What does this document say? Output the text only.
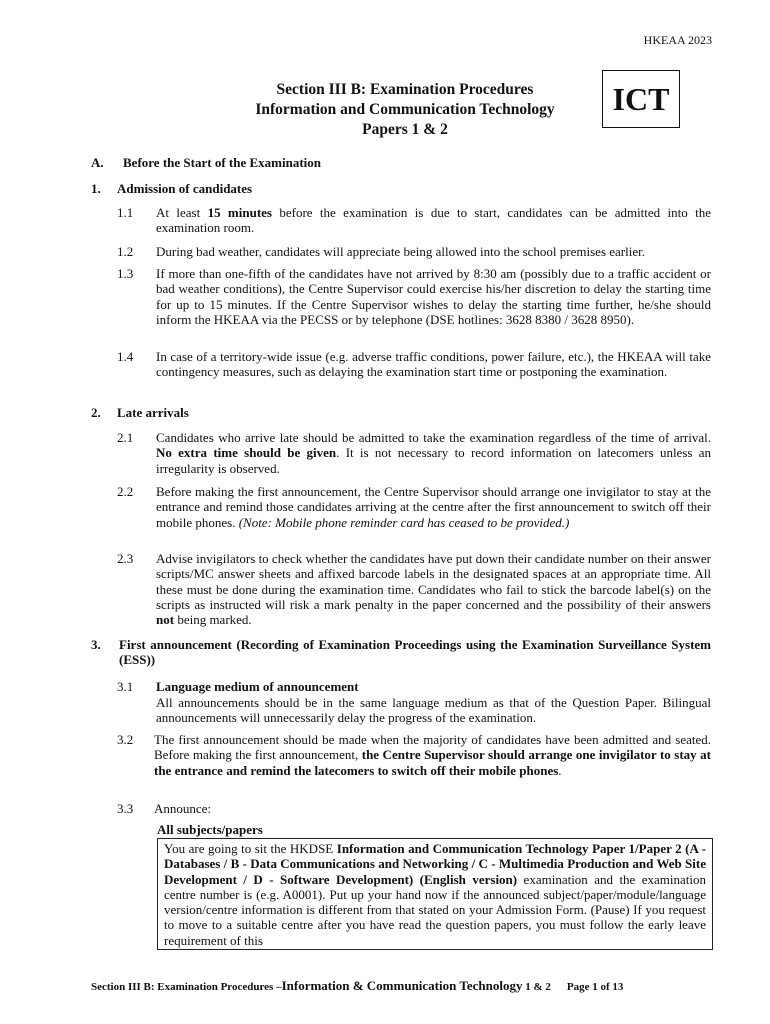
HKEAA 2023
Section III B: Examination Procedures
Information and Communication Technology
Papers 1 & 2
ICT
A. Before the Start of the Examination
1. Admission of candidates
1.1 At least 15 minutes before the examination is due to start, candidates can be admitted into the examination room.
1.2 During bad weather, candidates will appreciate being allowed into the school premises earlier.
1.3 If more than one-fifth of the candidates have not arrived by 8:30 am (possibly due to a traffic accident or bad weather conditions), the Centre Supervisor could exercise his/her discretion to delay the starting time for up to 15 minutes. If the Centre Supervisor wishes to delay the starting time further, he/she should inform the HKEAA via the PECSS or by telephone (DSE hotlines: 3628 8380 / 3628 8950).
1.4 In case of a territory-wide issue (e.g. adverse traffic conditions, power failure, etc.), the HKEAA will take contingency measures, such as delaying the examination start time or postponing the examination.
2. Late arrivals
2.1 Candidates who arrive late should be admitted to take the examination regardless of the time of arrival. No extra time should be given. It is not necessary to record information on latecomers unless an irregularity is observed.
2.2 Before making the first announcement, the Centre Supervisor should arrange one invigilator to stay at the entrance and remind those candidates arriving at the centre after the first announcement to switch off their mobile phones. (Note: Mobile phone reminder card has ceased to be provided.)
2.3 Advise invigilators to check whether the candidates have put down their candidate number on their answer scripts/MC answer sheets and affixed barcode labels in the designated spaces at an appropriate time. All these must be done during the examination time. Candidates who fail to stick the barcode label(s) on the scripts as instructed will risk a mark penalty in the paper concerned and the possibility of their answers not being marked.
3. First announcement (Recording of Examination Proceedings using the Examination Surveillance System (ESS))
3.1 Language medium of announcement
All announcements should be in the same language medium as that of the Question Paper. Bilingual announcements will unnecessarily delay the progress of the examination.
3.2 The first announcement should be made when the majority of candidates have been admitted and seated. Before making the first announcement, the Centre Supervisor should arrange one invigilator to stay at the entrance and remind the latecomers to switch off their mobile phones.
3.3 Announce:
All subjects/papers
You are going to sit the HKDSE Information and Communication Technology Paper 1/Paper 2 (A - Databases / B - Data Communications and Networking / C - Multimedia Production and Web Site Development / D - Software Development) (English version) examination and the examination centre number is (e.g. A0001). Put up your hand now if the announced subject/paper/module/language version/centre information is different from that stated on your Admission Form. (Pause) If you request to move to a suitable centre after you have read the question papers, you must follow the early leave requirement of this
Section III B: Examination Procedures –Information & Communication Technology 1 & 2 Page 1 of 13
